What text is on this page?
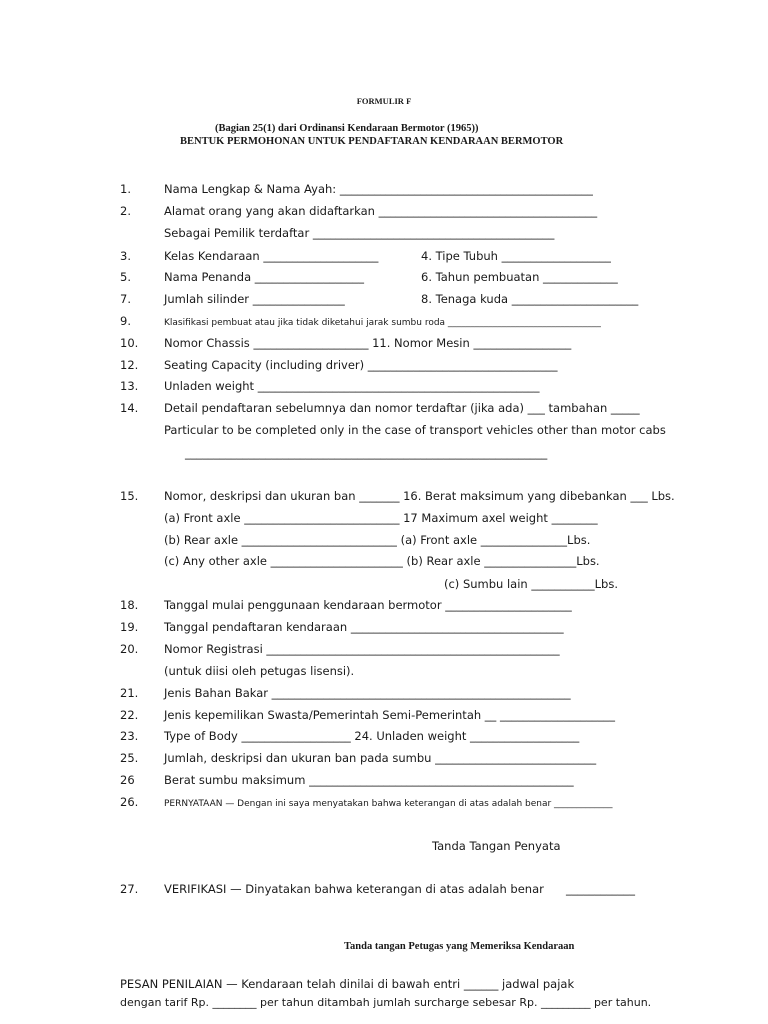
FORMULIR F
(Bagian 25(1) dari Ordinansi Kendaraan Bermotor (1965))
BENTUK PERMOHONAN UNTUK PENDAFTARAN KENDARAAN BERMOTOR
1.	Nama Lengkap & Nama Ayah: ____________________________________________
2.	Alamat orang yang akan didaftarkan ______________________________________
Sebagai Pemilik terdaftar __________________________________________
3.	Kelas Kendaraan ____________________	4. Tipe Tubuh ___________________
5.	Nama Penanda ___________________	6. Tahun pembuatan _____________
7.	Jumlah silinder ________________	8. Tenaga kuda ______________________
9.	Klasifikasi pembuat atau jika tidak diketahui jarak sumbu roda __________________________________
10. Nomor Chassis ____________________ 11. Nomor Mesin _________________
12. Seating Capacity (including driver) _________________________________
13. Unladen weight _________________________________________________
14. Detail pendaftaran sebelumnya dan nomor terdaftar (jika ada) ___ tambahan _____
Particular to be completed only in the case of transport vehicles other than motor cabs
_______________________________________________________________
15. Nomor, deskripsi dan ukuran ban _______ 16. Berat maksimum yang dibebankan ___ Lbs.
(a) Front axle ___________________________ 17 Maximum axel weight ________
(b) Rear axle ___________________________ (a) Front axle _______________Lbs.
(c) Any other axle _______________________ (b) Rear axle ________________Lbs.
(c) Sumbu lain ___________Lbs.
18. Tanggal mulai penggunaan kendaraan bermotor ______________________
19. Tanggal pendaftaran kendaraan _____________________________________
20. Nomor Registrasi ___________________________________________________
(untuk diisi oleh petugas lisensi).
21. Jenis Bahan Bakar ____________________________________________________
22. Jenis kepemilikan Swasta/Pemerintah Semi-Pemerintah __ ____________________
23. Type of Body ___________________ 24. Unladen weight ___________________
25. Jumlah, deskripsi dan ukuran ban pada sumbu ____________________________
26	Berat sumbu maksimum ______________________________________________
26.	PERNYATAAN — Dengan ini saya menyatakan bahwa keterangan di atas adalah benar _____________
Tanda Tangan Penyata
27. VERIFIKASI — Dinyatakan bahwa keterangan di atas adalah benar ____________
Tanda tangan Petugas yang Memeriksa Kendaraan
PESAN PENILAIAN — Kendaraan telah dinilai di bawah entri ______ jadwal pajak
dengan tarif Rp. ________ per tahun ditambah jumlah surcharge sebesar Rp. _________ per tahun.
